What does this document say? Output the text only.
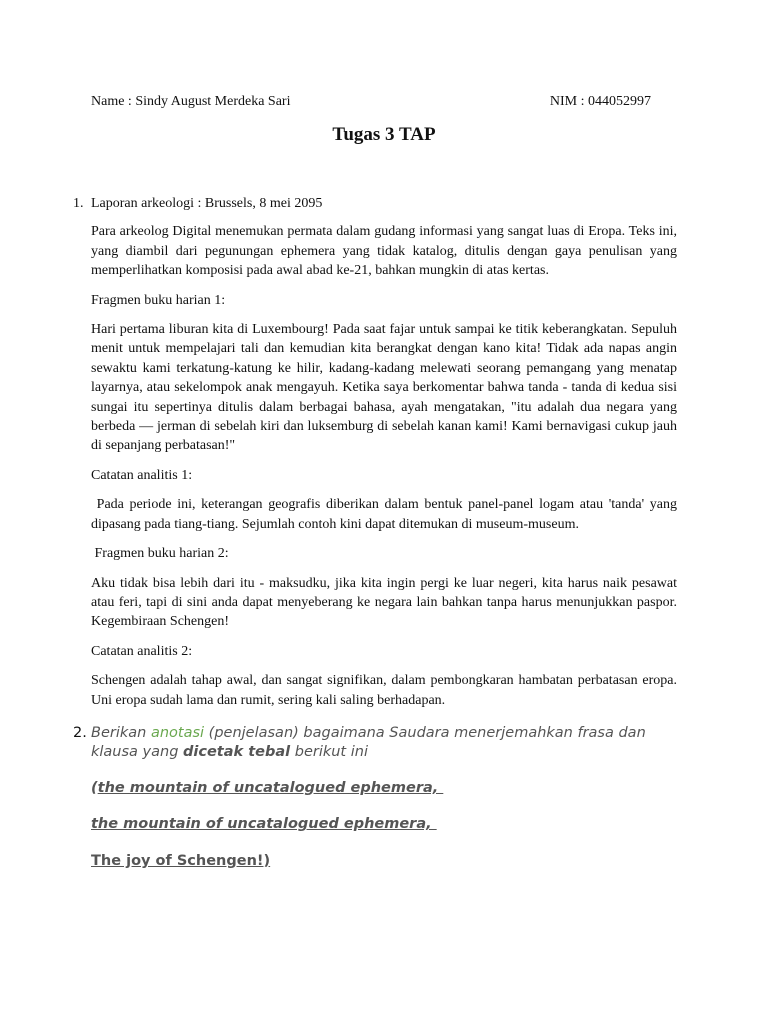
Name : Sindy August Merdeka Sari	NIM : 044052997
Tugas 3 TAP
1. Laporan arkeologi : Brussels, 8 mei 2095

Para arkeolog Digital menemukan permata dalam gudang informasi yang sangat luas di Eropa. Teks ini, yang diambil dari pegunungan ephemera yang tidak katalog, ditulis dengan gaya penulisan yang memperlihatkan komposisi pada awal abad ke-21, bahkan mungkin di atas kertas.

Fragmen buku harian 1:

Hari pertama liburan kita di Luxembourg! Pada saat fajar untuk sampai ke titik keberangkatan. Sepuluh menit untuk mempelajari tali dan kemudian kita berangkat dengan kano kita! Tidak ada napas angin sewaktu kami terkatung-katung ke hilir, kadang-kadang melewati seorang pemangang yang menatap layarnya, atau sekelompok anak mengayuh. Ketika saya berkomentar bahwa tanda - tanda di kedua sisi sungai itu sepertinya ditulis dalam berbagai bahasa, ayah mengatakan, "itu adalah dua negara yang berbeda — jerman di sebelah kiri dan luksemburg di sebelah kanan kami! Kami bernavigasi cukup jauh di sepanjang perbatasan!"

Catatan analitis 1:

Pada periode ini, keterangan geografis diberikan dalam bentuk panel-panel logam atau 'tanda' yang dipasang pada tiang-tiang. Sejumlah contoh kini dapat ditemukan di museum-museum.

Fragmen buku harian 2:

Aku tidak bisa lebih dari itu - maksudku, jika kita ingin pergi ke luar negeri, kita harus naik pesawat atau feri, tapi di sini anda dapat menyeberang ke negara lain bahkan tanpa harus menunjukkan paspor. Kegembiraan Schengen!

Catatan analitis 2:

Schengen adalah tahap awal, dan sangat signifikan, dalam pembongkaran hambatan perbatasan eropa. Uni eropa sudah lama dan rumit, sering kali saling berhadapan.

2. Berikan anotasi (penjelasan) bagaimana Saudara menerjemahkan frasa dan klausa yang dicetak tebal berikut ini
(the mountain of uncatalogued ephemera,
the mountain of uncatalogued ephemera,
The joy of Schengen!)
